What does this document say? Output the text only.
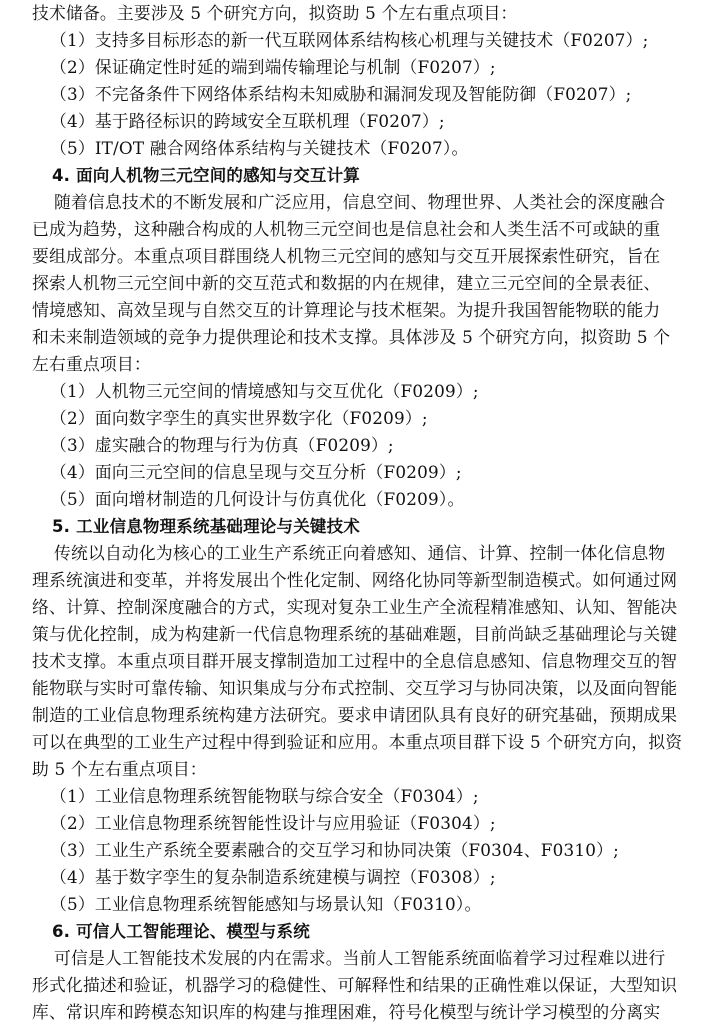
技术储备。主要涉及 5 个研究方向，拟资助 5 个左右重点项目：
（1）支持多目标形态的新一代互联网体系结构核心机理与关键技术（F0207）;
（2）保证确定性时延的端到端传输理论与机制（F0207）;
（3）不完备条件下网络体系结构未知威胁和漏洞发现及智能防御（F0207）;
（4）基于路径标识的跨域安全互联机理（F0207）;
（5）IT/OT 融合网络体系结构与关键技术（F0207）。
4. 面向人机物三元空间的感知与交互计算
随着信息技术的不断发展和广泛应用，信息空间、物理世界、人类社会的深度融合
已成为趋势，这种融合构成的人机物三元空间也是信息社会和人类生活不可或缺的重
要组成部分。本重点项目群围绕人机物三元空间的感知与交互开展探索性研究，旨在
探索人机物三元空间中新的交互范式和数据的内在规律，建立三元空间的全景表征、
情境感知、高效呈现与自然交互的计算理论与技术框架。为提升我国智能物联的能力
和未来制造领域的竞争力提供理论和技术支撑。具体涉及 5 个研究方向，拟资助 5 个
左右重点项目：
（1）人机物三元空间的情境感知与交互优化（F0209）;
（2）面向数字孪生的真实世界数字化（F0209）;
（3）虚实融合的物理与行为仿真（F0209）;
（4）面向三元空间的信息呈现与交互分析（F0209）;
（5）面向增材制造的几何设计与仿真优化（F0209）。
5. 工业信息物理系统基础理论与关键技术
传统以自动化为核心的工业生产系统正向着感知、通信、计算、控制一体化信息物
理系统演进和变革，并将发展出个性化定制、网络化协同等新型制造模式。如何通过网
络、计算、控制深度融合的方式，实现对复杂工业生产全流程精准感知、认知、智能决
策与优化控制，成为构建新一代信息物理系统的基础难题，目前尚缺乏基础理论与关键
技术支撑。本重点项目群开展支撑制造加工过程中的全息信息感知、信息物理交互的智
能物联与实时可靠传输、知识集成与分布式控制、交互学习与协同决策，以及面向智能
制造的工业信息物理系统构建方法研究。要求申请团队具有良好的研究基础，预期成果
可以在典型的工业生产过程中得到验证和应用。本重点项目群下设 5 个研究方向，拟资
助 5 个左右重点项目：
（1）工业信息物理系统智能物联与综合安全（F0304）;
（2）工业信息物理系统智能性设计与应用验证（F0304）;
（3）工业生产系统全要素融合的交互学习和协同决策（F0304、F0310）;
（4）基于数字孪生的复杂制造系统建模与调控（F0308）;
（5）工业信息物理系统智能感知与场景认知（F0310）。
6. 可信人工智能理论、模型与系统
可信是人工智能技术发展的内在需求。当前人工智能系统面临着学习过程难以进行
形式化描述和验证，机器学习的稳健性、可解释性和结果的正确性难以保证，大型知识
库、常识库和跨模态知识库的构建与推理困难，符号化模型与统计学习模型的分离实
